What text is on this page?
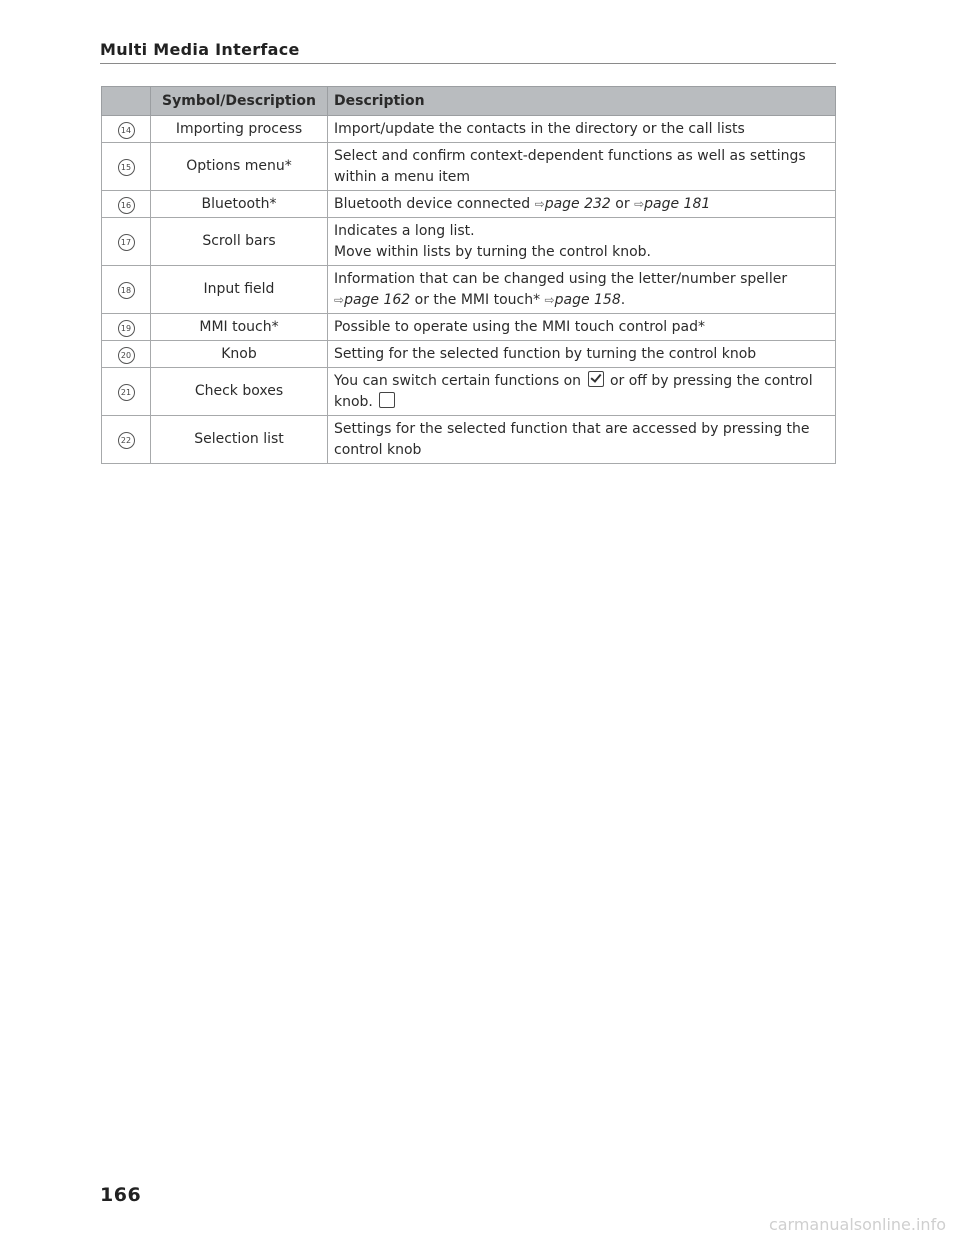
Multi Media Interface
	Symbol/Description	Description
14	Importing process	Import/update the contacts in the directory or the call lists
15	Options menu*	Select and confirm context-dependent functions as well as settings within a menu item
16	Bluetooth*	Bluetooth device connected ⇨page 232 or ⇨page 181
17	Scroll bars	Indicates a long list.
Move within lists by turning the control knob.

18	Input field	Information that can be changed using the letter/number speller
⇨page 162 or the MMI touch* ⇨page 158.

19	MMI touch*	Possible to operate using the MMI touch control pad*
20	Knob	Setting for the selected function by turning the control knob
21	Check boxes	You can switch certain functions on or off by pressing the control knob.
22	Selection list	Settings for the selected function that are accessed by pressing the control knob
166
carmanualsonline.info
